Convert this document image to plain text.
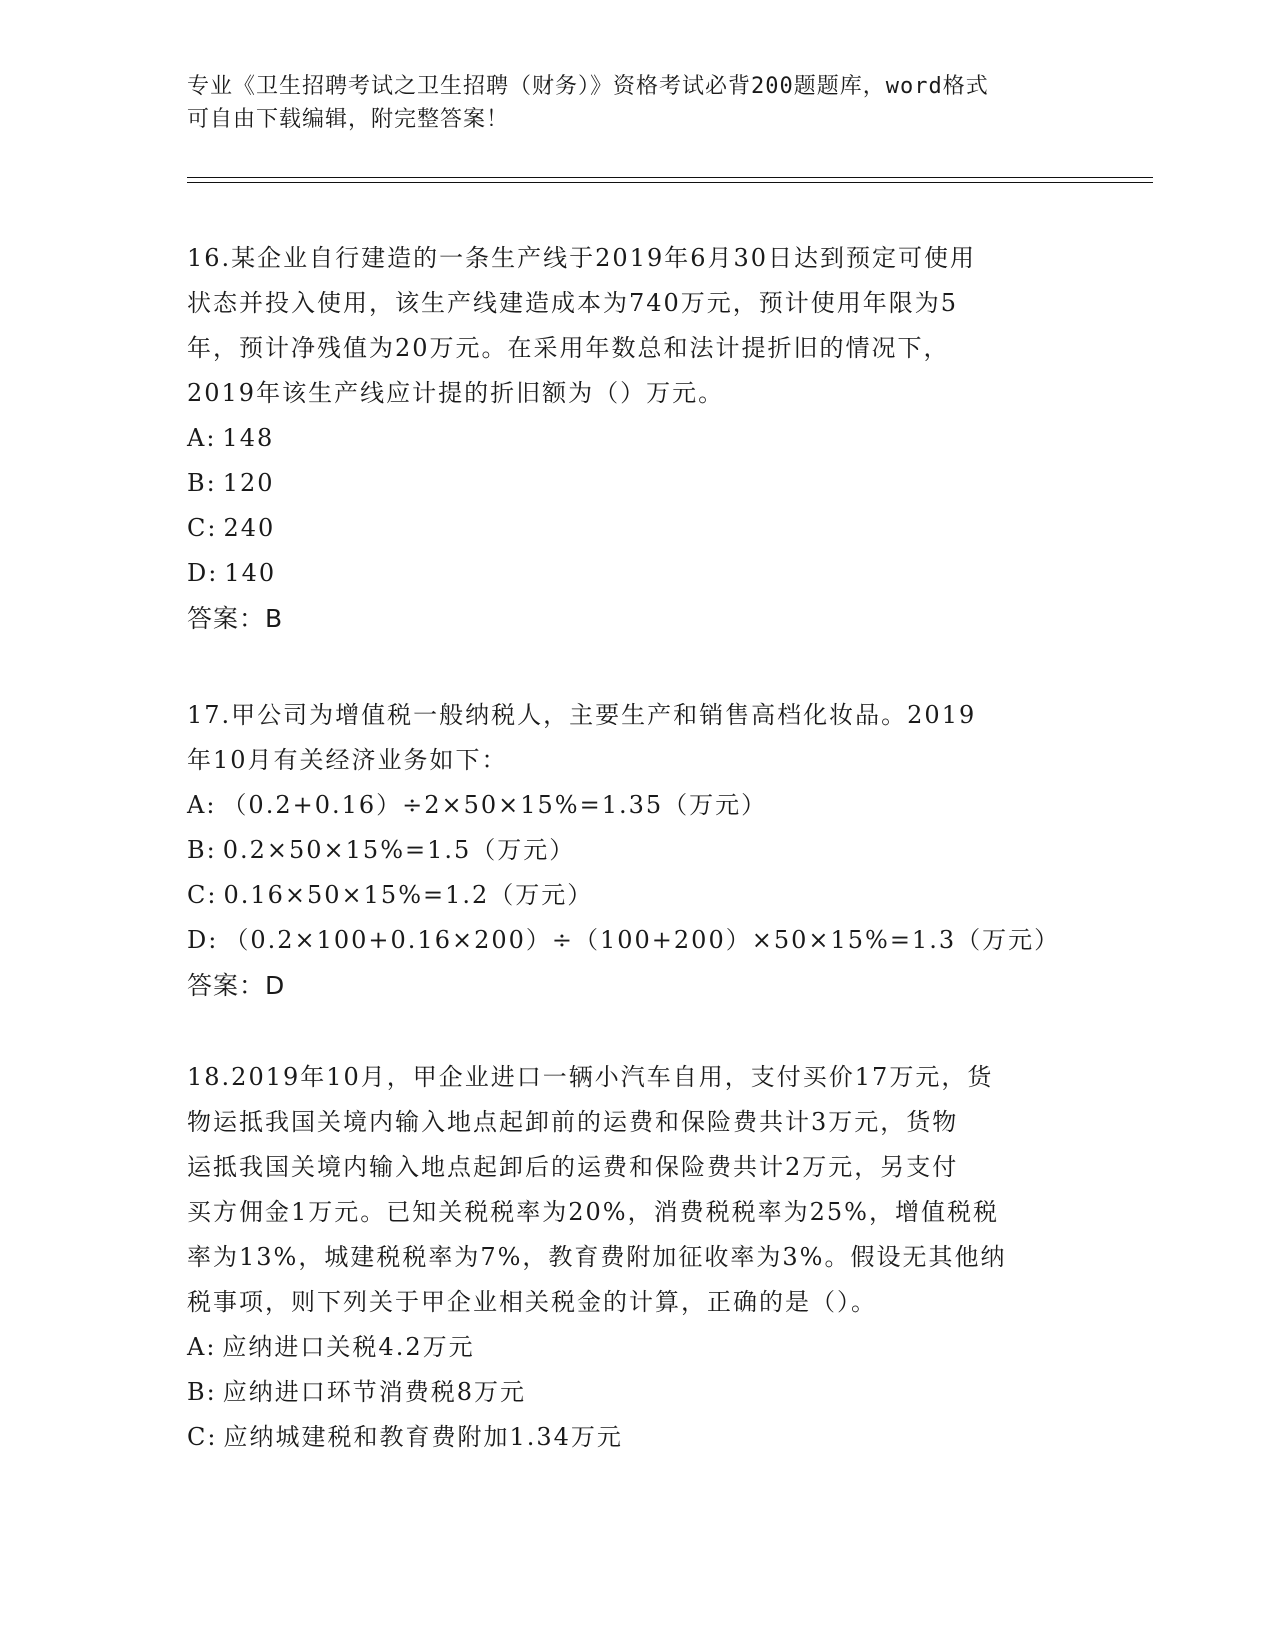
专业《卫生招聘考试之卫生招聘（财务）》资格考试必背200题题库，word格式
可自由下载编辑，附完整答案！

16.某企业自行建造的一条生产线于2019年6月30日达到预定可使用

状态并投入使用，该生产线建造成本为740万元，预计使用年限为5

年，预计净残值为20万元。在采用年数总和法计提折旧的情况下，

2019年该生产线应计提的折旧额为（）万元。

A: 148

B: 120

C: 240

D: 140

答案：B

17.甲公司为增值税一般纳税人，主要生产和销售高档化妆品。2019

年10月有关经济业务如下：

A: （0.2+0.16）÷2×50×15%=1.35（万元）

B: 0.2×50×15%=1.5（万元）

C: 0.16×50×15%=1.2（万元）

D: （0.2×100+0.16×200）÷（100+200）×50×15%=1.3（万元）

答案：D

18.2019年10月，甲企业进口一辆小汽车自用，支付买价17万元，货

物运抵我国关境内输入地点起卸前的运费和保险费共计3万元，货物

运抵我国关境内输入地点起卸后的运费和保险费共计2万元，另支付

买方佣金1万元。已知关税税率为20%，消费税税率为25%，增值税税

率为13%，城建税税率为7%，教育费附加征收率为3%。假设无其他纳

税事项，则下列关于甲企业相关税金的计算，正确的是（）。

A: 应纳进口关税4.2万元

B: 应纳进口环节消费税8万元

C: 应纳城建税和教育费附加1.34万元
